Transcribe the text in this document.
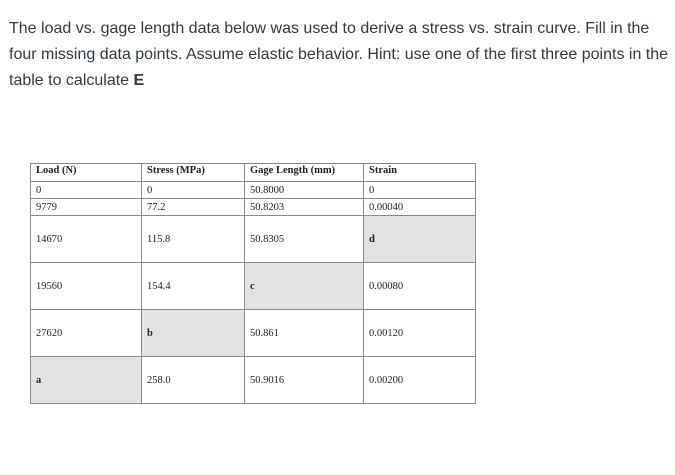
The load vs. gage length data below was used to derive a stress vs. strain curve. Fill in the four missing data points. Assume elastic behavior. Hint: use one of the first three points in the table to calculate E

Load (N)	Stress (MPa)	Gage Length (mm)	Strain
0	0	50.8000	0
9779	77.2	50.8203	0.00040
14670	115.8	50.8305	d
19560	154.4	c	0.00080
27620	b	50.861	0.00120
a	258.0	50.9016	0.00200
